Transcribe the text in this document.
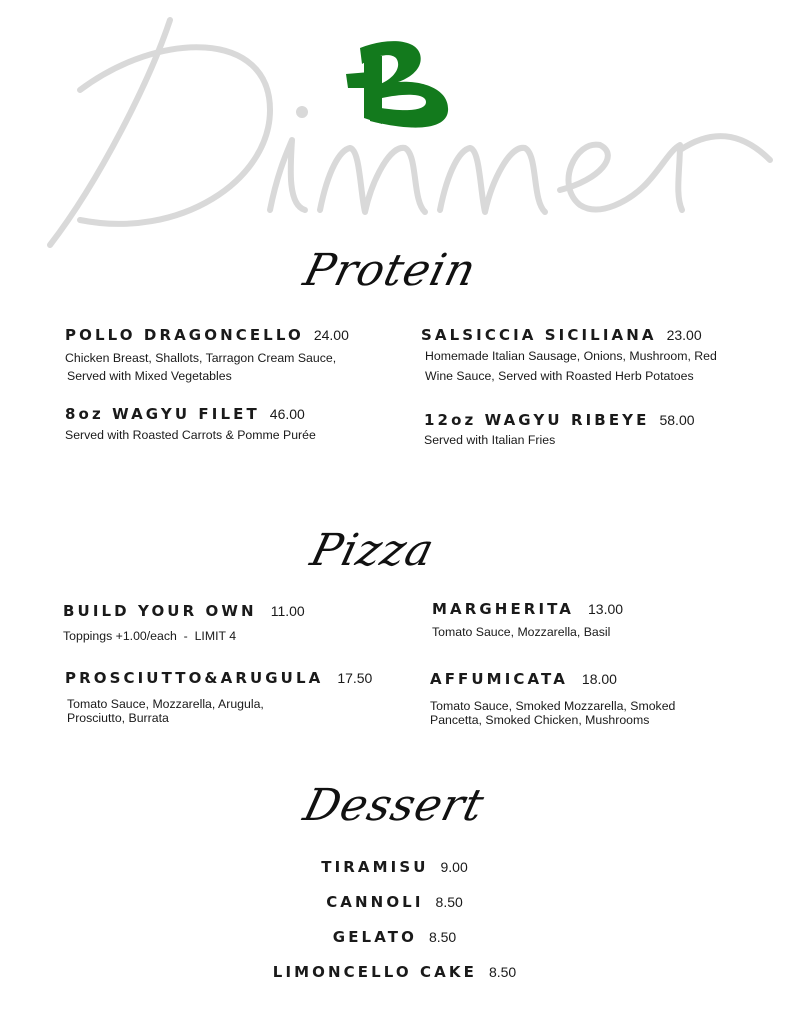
Protein
POLLO DRAGONCELLO 24.00
Chicken Breast, Shallots, Tarragon Cream Sauce,
Served with Mixed Vegetables
SALSICCIA SICILIANA 23.00
Homemade Italian Sausage, Onions, Mushroom, Red
Wine Sauce, Served with Roasted Herb Potatoes
8oz WAGYU FILET 46.00
Served with Roasted Carrots & Pomme Purée
12oz WAGYU RIBEYE 58.00
Served with Italian Fries
Pizza
BUILD YOUR OWN 11.00
Toppings +1.00/each  -  LIMIT 4
MARGHERITA 13.00
Tomato Sauce, Mozzarella, Basil
PROSCIUTTO&ARUGULA 17.50
Tomato Sauce, Mozzarella, Arugula,
Prosciutto, Burrata
AFFUMICATA 18.00
Tomato Sauce, Smoked Mozzarella, Smoked
Pancetta, Smoked Chicken, Mushrooms
Dessert
TIRAMISU 9.00
CANNOLI 8.50
GELATO 8.50
LIMONCELLO CAKE 8.50
